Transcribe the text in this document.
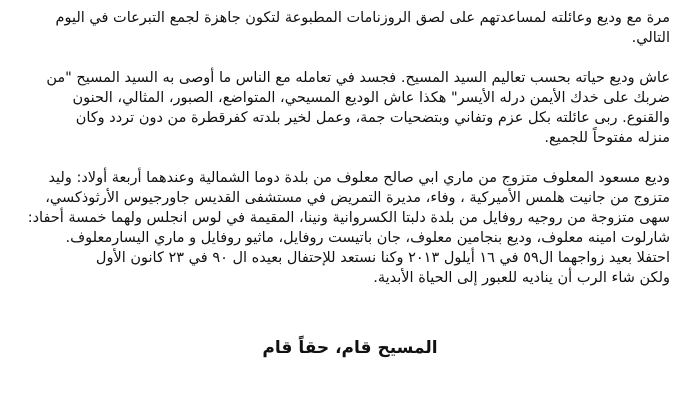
مرة مع وديع وعائلته لمساعدتهم على لصق الروزنامات المطبوعة لتكون جاهزة لجمع التبرعات في اليوم
التالي.

عاش وديع حياته بحسب تعاليم السيد المسيح. فجسد في تعامله مع الناس ما أوصى به السيد المسيح "من
ضربك على خدك الأيمن درله الأيسر" هكذا عاش الوديع المسيحي، المتواضع، الصبور، المثالي، الحنون
والقنوع. ربى عائلته بكل عزم وتفاني وبتضحيات جمة، وعمل لخير بلدته كفرقطرة من دون تردد وكان
منزله مفتوحاً للجميع.

وديع مسعود المعلوف متزوج من ماري ابي صالح معلوف من بلدة دوما الشمالية وعندهما أربعة أولاد: وليد
متزوج من جانيت هلمس الأميركية ، وفاء، مديرة التمريض في مستشفى القديس جاورجيوس الأرثوذكسي،
سهى متزوجة من روجيه روفايل من بلدة دلبتا الكسروانية ونينا، المقيمة في لوس انجلس ولهما خمسة أحفاد:
شارلوت امينه معلوف، وديع بنجامين معلوف، جان باتيست روفايل، ماثيو روفايل و ماري اليسارمعلوف.
احتفلا بعيد زواجهما ال٥٩ في ١٦ أيلول ٢٠١٣ وكنا نستعد للإحتفال بعيده ال ٩٠ في ٢٣ كانون الأول
ولكن شاء الرب أن يناديه للعبور إلى الحياة الأبدية.

المسيح قام، حقاً قام
